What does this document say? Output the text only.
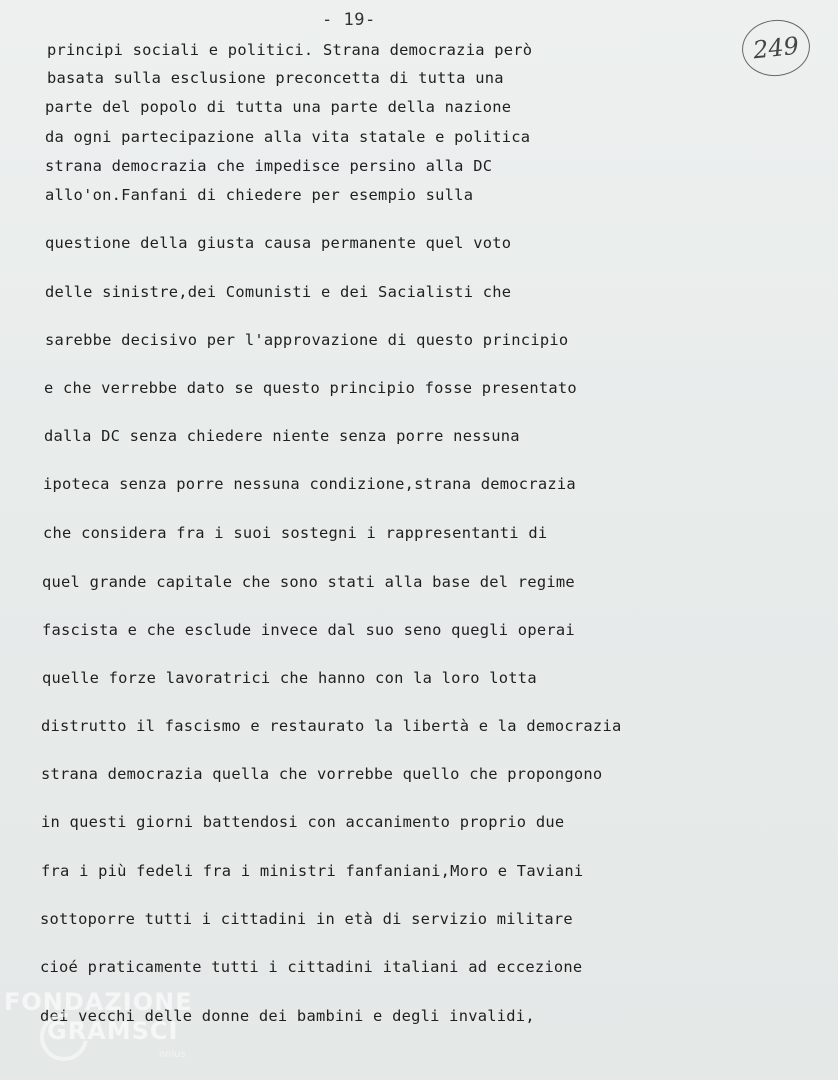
- 19-
249
principi sociali e politici. Strana democrazia però
basata sulla esclusione preconcetta di tutta una
parte del popolo di tutta una parte della nazione
da ogni partecipazione alla vita statale e politica
strana democrazia che impedisce persino alla DC
allo'on.Fanfani di chiedere per esempio sulla
questione della giusta causa permanente quel voto
delle sinistre,dei Comunisti e dei Sacialisti che
sarebbe decisivo per l'approvazione di questo principio
e che verrebbe dato se questo principio fosse presentato
dalla DC senza chiedere niente senza porre nessuna
ipoteca senza porre nessuna condizione,strana democrazia
che considera fra i suoi sostegni i rappresentanti di
quel grande capitale che sono stati alla base del regime
fascista e che esclude invece dal suo seno quegli operai
quelle forze lavoratrici che hanno con la loro lotta
distrutto il fascismo e restaurato la libertà e la democrazia
strana democrazia quella che vorrebbe quello che propongono
in questi giorni battendosi con accanimento proprio due
fra i più fedeli fra i ministri fanfaniani,Moro e Taviani
sottoporre tutti i cittadini in età di servizio militare
cioé praticamente tutti i cittadini italiani ad eccezione
dei vecchi delle donne dei bambini e degli invalidi,
FONDAZIONE
GRAMSCI
onlus
